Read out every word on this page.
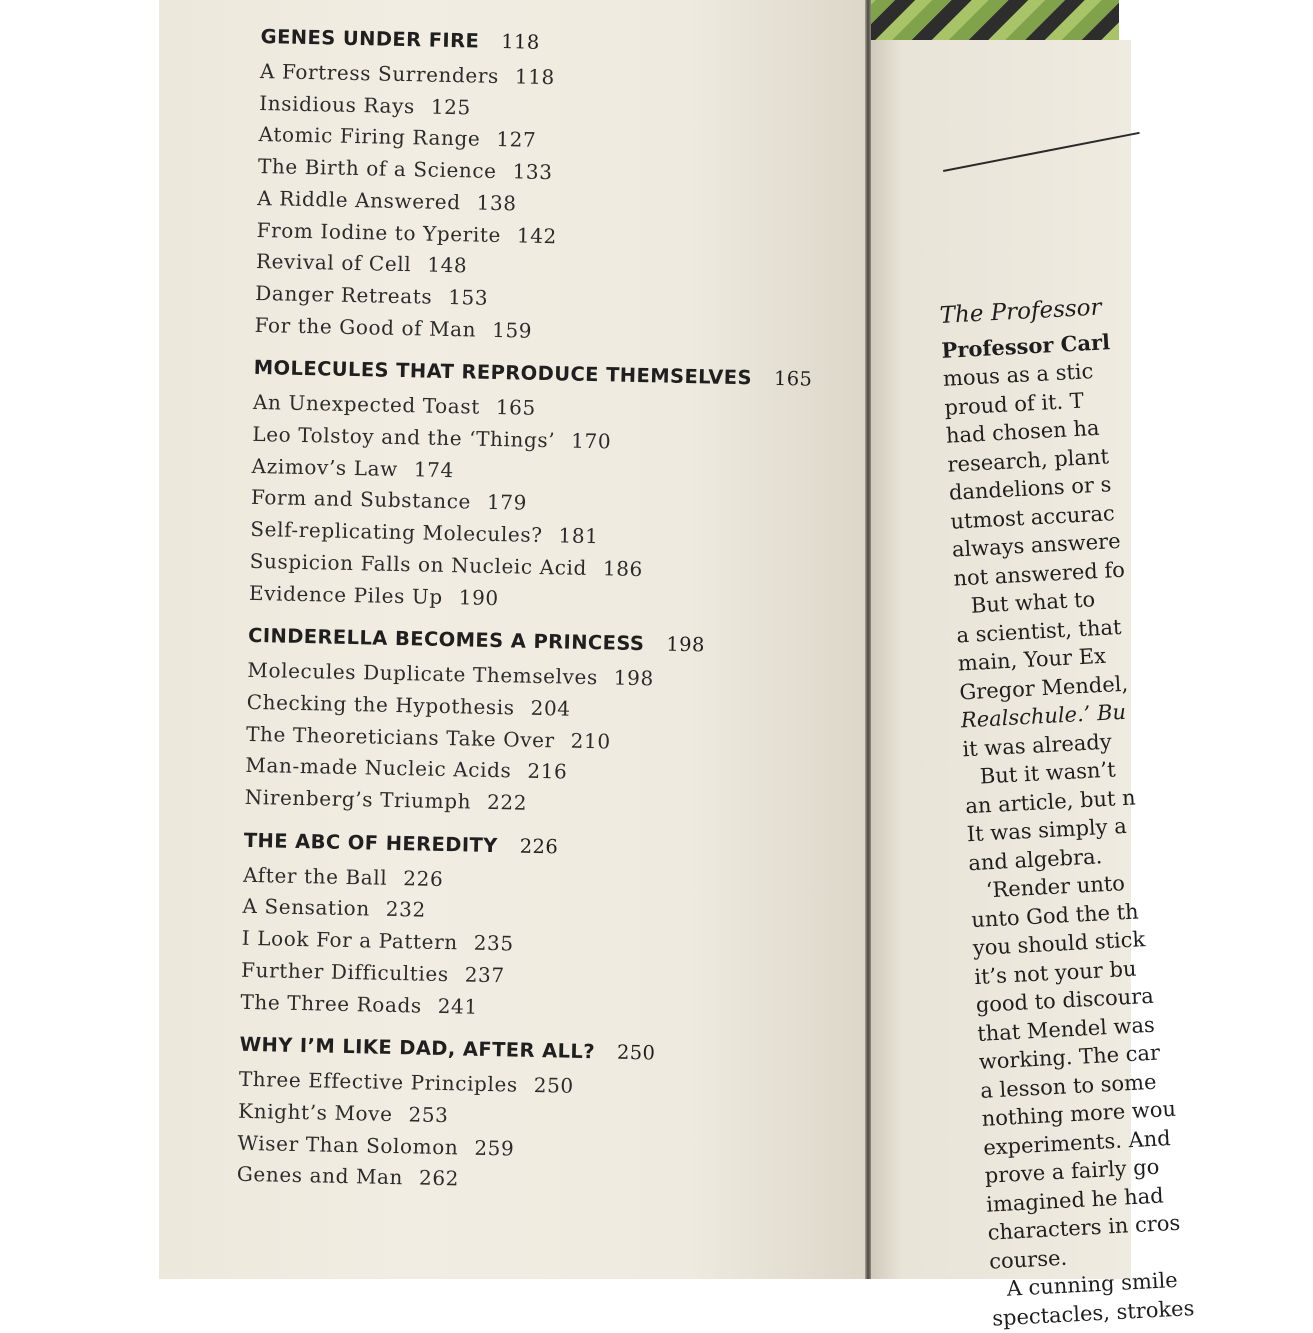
GENES UNDER FIRE 118
A Fortress Surrenders 118
Insidious Rays 125
Atomic Firing Range 127
The Birth of a Science 133
A Riddle Answered 138
From Iodine to Yperite 142
Revival of Cell 148
Danger Retreats 153
For the Good of Man 159
MOLECULES THAT REPRODUCE THEMSELVES 165
An Unexpected Toast 165
Leo Tolstoy and the ‘Things’ 170
Azimov’s Law 174
Form and Substance 179
Self-replicating Molecules? 181
Suspicion Falls on Nucleic Acid 186
Evidence Piles Up 190
CINDERELLA BECOMES A PRINCESS 198
Molecules Duplicate Themselves 198
Checking the Hypothesis 204
The Theoreticians Take Over 210
Man-made Nucleic Acids 216
Nirenberg’s Triumph 222
THE ABC OF HEREDITY 226
After the Ball 226
A Sensation 232
I Look For a Pattern 235
Further Difficulties 237
The Three Roads 241
WHY I’M LIKE DAD, AFTER ALL? 250
Three Effective Principles 250
Knight’s Move 253
Wiser Than Solomon 259
Genes and Man 262
The Professor
Professor Carl
mous as a stic
proud of it. T
had chosen ha
research, plant
dandelions or s
utmost accurac
always answere
not answered fo
But what to
a scientist, that
main, Your Ex
Gregor Mendel,
Realschule.’ Bu
it was already
But it wasn’t
an article, but n
It was simply a
and algebra.
‘Render unto
unto God the th
you should stick
it’s not your bu
good to discoura
that Mendel was
working. The car
a lesson to some
nothing more wou
experiments. And
prove a fairly go
imagined he had
characters in cros
course.
A cunning smile
spectacles, strokes
